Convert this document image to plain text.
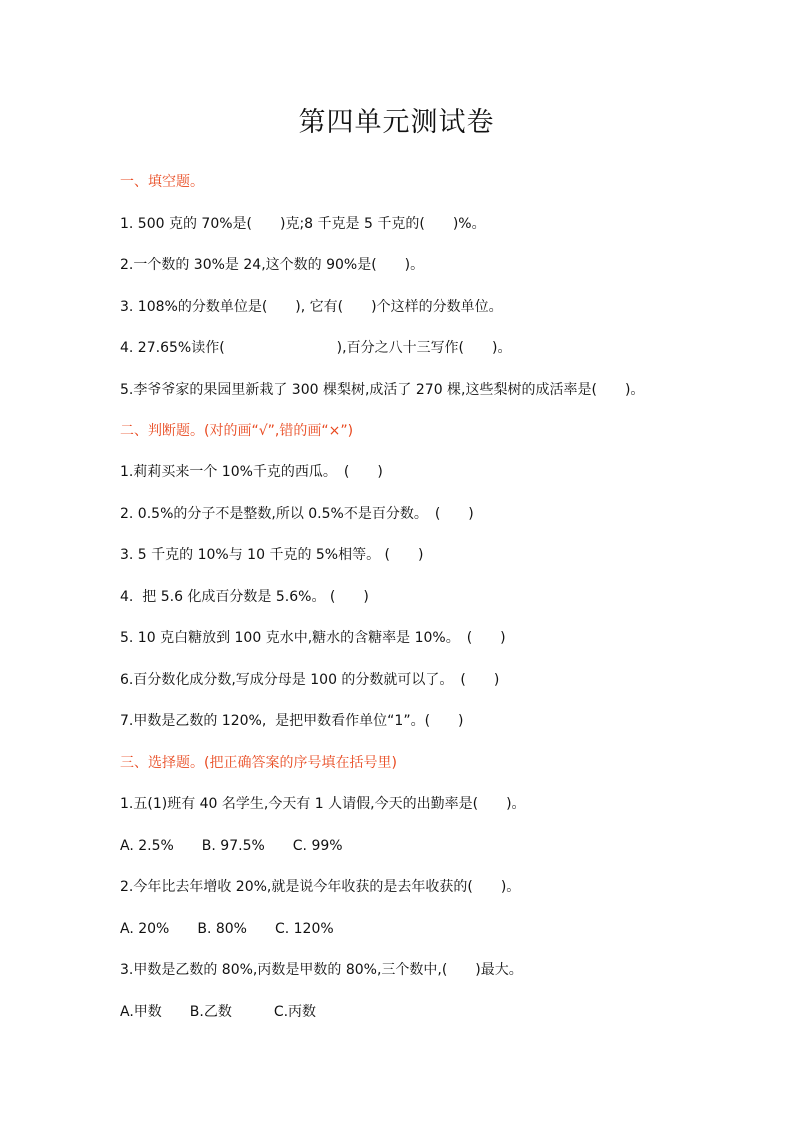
第四单元测试卷
一、填空题。
1. 500 克的 70%是(　　)克;8 千克是 5 千克的(　　)%。
2.一个数的 30%是 24,这个数的 90%是(　　)。
3. 108%的分数单位是(　　), 它有(　　)个这样的分数单位。
4. 27.65%读作(　　　　　　　　),百分之八十三写作(　　)。
5.李爷爷家的果园里新栽了 300 棵梨树,成活了 270 棵,这些梨树的成活率是(　　)。
二、判断题。(对的画“√”,错的画“×”)
1.莉莉买来一个 10%千克的西瓜。　(　　)
2. 0.5%的分子不是整数,所以 0.5%不是百分数。　(　　)
3. 5 千克的 10%与 10 千克的 5%相等。 (　　)
4.  把 5.6 化成百分数是 5.6%。 (　　)
5. 10 克白糖放到 100 克水中,糖水的含糖率是 10%。　(　　)
6.百分数化成分数,写成分母是 100 的分数就可以了。　(　　)
7.甲数是乙数的 120%,  是把甲数看作单位“1”。(　　)
三、选择题。(把正确答案的序号填在括号里)
1.五(1)班有 40 名学生,今天有 1 人请假,今天的出勤率是(　　)。
A. 2.5%　　B. 97.5%　　C. 99%
2.今年比去年增收 20%,就是说今年收获的是去年收获的(　　)。
A. 20%　　B. 80%　　C. 120%
3.甲数是乙数的 80%,丙数是甲数的 80%,三个数中,(　　)最大。
A.甲数　　B.乙数　　　C.丙数
